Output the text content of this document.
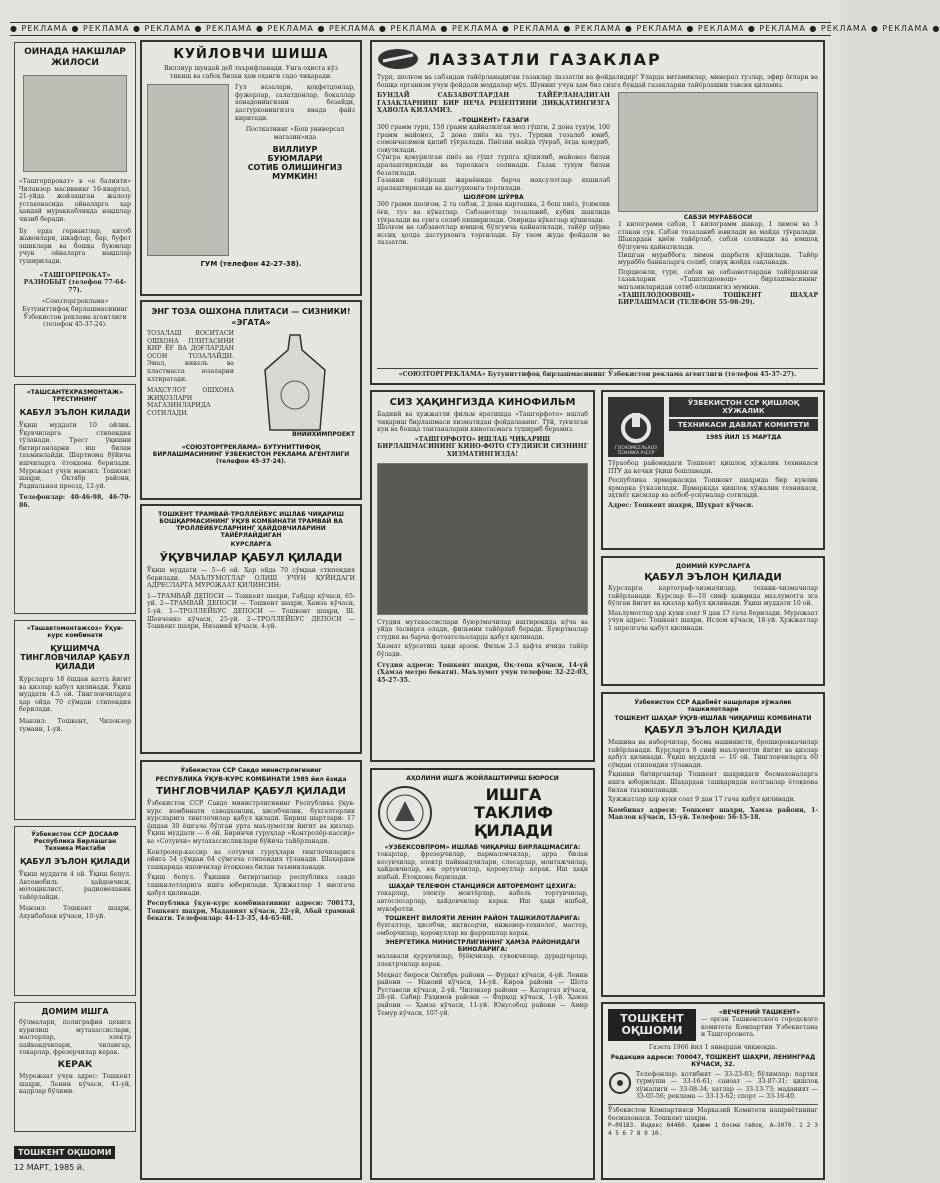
● РЕКЛАМА ● РЕКЛАМА ● РЕКЛАМА ● РЕКЛАМА ● РЕКЛАМА ● РЕКЛАМА ● РЕКЛАМА ● РЕКЛАМА ● РЕКЛАМА ● РЕКЛАМА ● РЕКЛАМА ● РЕКЛАМА ● РЕКЛАМА ● РЕКЛАМА ● РЕКЛАМА ●
ОИНАДА НАКШЛАР ЖИЛОСИ
«Ташгорпрокат» в «е балияти» Чиланзор масивнинг 16-квартал, 21-уйда жойлашган жалозу устахонасида ойналарга ҳар ҳандай мураккабликда нақшлар чизиб беради.
Бу ерда гервантлар, китоб жавонлари, шкафлар, бар, буфет эшиклари ва бошқа буюмлар учун ойналарга нақшлар туширилади.
«ТАШГОРПРОКАТ» РАЗНОБЫТ (телефон 77-64-77).
«Союзторгреклама» Бутуниттифоқ бирлашмасининг Ўзбекистон реклама агентлиги (телефон 45-37-24).
«ТАШСАНТЕХРАЗМОНТАЖ» ТРЕСТИНИНГ
КАБУЛ ЭЪЛОН КИЛАДИ
Ўқиш муддати 10 ойлик. Ўқувчиларга стипендия тўланади. Трест ўқишни битирганларни иш билан таъминлайди. Шартнома бўйича ишчиларга ётоқхона берилади. Мурожаат учун манзил: Тошкент шаҳри, Октябр райони, Радиальная проезд, 12-уй.
Телефонлар: 40-46-98, 46-70-86.
«Ташавтомонтажсоз» Ўқув-курс комбинати
ҚУШИМЧА ТИНГЛОВЧИЛАР ҚАБУЛ ҚИЛАДИ
Курсларга 18 ёшдан катта йигит ва қизлар қабул қилинади. Ўқиш муддати 4.5 ой. Тингловчиларга ҳар ойда 70 сўмдан стипендия берилади.
Манзил: Тошкент, Чилонзор тумани, 1-уй.
Ўзбекистон ССР ДОСААФ Республика Бирлашган Техника Мактаби
ҚАБУЛ ЭЪЛОН ҚИЛАДИ
Ўқиш муддати 4 ой. Ўқиш бепул. Автомобиль ҳайдовчиси, мотоциклист, радиомеханик тайёрлайди.
Манзил: Тошкент шаҳри, Ахунбабаев кўчаси, 10-уй.
ДОМИМ ИШГА
бўлмалари, полиграфия цехига курилиш мутахассислари, мастерлар, электр пайвандчилари, чилангар, токарлар, фрезерчилар керак.
КЕРАК
Мурожаат учун адрес: Тошкент шаҳри, Ленин кўчаси, 41-уй, кадрлар бўлими.
ТОШКЕНТ ОҚШОМИ
12 МАРТ, 1985 й.
КУЙЛОВЧИ ШИША
Виллиур шундай деб таърифланади. Унга оҳиста кўз тикиш ва сабоҳ билан ҳам оҳанги садо чиқаради.
Гул вазалари, қоҳфетдонлар, фужерлар, салатдонлар, бокаллар хонадонингизни безайди, дастурхонингизга янада файз киритади.
Посткатнинг «Бош универсал магазин»ида
ВИЛЛИУР
БУЮМЛАРИ
СОТИБ ОЛИШИНГИЗ
МУМКИН!
ГУМ (телефон 42-27-38).
ЭНГ ТОЗА ОШХОНА ПЛИТАСИ — СИЗНИКИ!
«ЭГАТА»
ТОЗАЛАШ ВОСИТАСИ ОШХОНА ПЛИТАСИНИ КИР ЁҒ ВА ДОҒЛАРДАН ОСОН ТОЗАЛАЙДИ. Эмал, никель ва пластмасса юзаларни ялтиратади.
МАҲСУЛОТ ОШХОНА ЖИҲОЗЛАРИ МАГАЗИНЛАРИДА СОТИЛАДИ.
ВНИИХИМПРОЕКТ
«СОЮЗТОРГРЕКЛАМА» БУТУНИТТИФОҚ БИРЛАШМАСИНИНГ ЎЗБЕКИСТОН РЕКЛАМА АГЕНТЛИГИ (телефон 45-37-24).
ТОШКЕНТ ТРАМВАЙ-ТРОЛЛЕЙБУС ИШЛАБ ЧИҚАРИШ БОШҚАРМАСИНИНГ ЎҚУВ КОМБИНАТИ ТРАМВАЙ ВА ТРОЛЛЕЙБУСЛАРНИНГ ҲАЙДОВЧИЛАРИНИ ТАЙЁРЛАЙДИГАН
КУРСЛАРГА
ЎҚУВЧИЛАР ҚАБУЛ ҚИЛАДИ
Ўқиш муддати — 5—6 ой. Ҳар ойда 70 сўмдан стипендия берилади. МАЪЛУМОТЛАР ОЛИШ УЧУН ҚУЙИДАГИ АДРЕСЛАРГА МУРОЖААТ ҚИЛИНСИН:
1—ТРАМВАЙ ДЕПОСИ — Тошкент шаҳри, Габдар кўчаси, 65-уй. 2—ТРАМВАЙ ДЕПОСИ — Тошкент шаҳри, Хамза кўчаси, 1-уй. 1—ТРОЛЛЕЙБУС ДЕПОСИ — Тошкент шаҳри, Ш. Шевченко кўчаси, 25-уй. 2—ТРОЛЛЕЙБУС ДЕПОСИ — Тошкент шаҳри, Низамий кўчаси, 4-уй.
Ўзбекистон ССР Савдо министрлигининг
РЕСПУБЛИКА ЎҚУВ-КУРС КОМБИНАТИ 1985 йил ёзида
ТИНГЛОВЧИЛАР ҚАБУЛ ҚИЛАДИ
Ўзбекистон ССР Савдо министрлигининг Республика ўқув-курс комбинати саводхонлик, ҳисобчилик, бухгалтерлик курсларига тинглочилар қабул қилади. Бириш шартлари: 17 ёшдан 30 ёшгача бўлган урта маълумотли йигит ва қизлар. Ўқиш муддати — 6 ой. Биринчи гуруҳлар «Контролёр-кассир» ва «Сотувчи» мутахассисликлари бўйича тайёрланади.
Контролер-кассир ва сотувчи гуруҳлари тинглочиларига ойига 54 сўмдан 64 сўмгача стипендия тўланади. Шаҳардан ташқарида яшовчилар ётоқхона билан таъминланади.
Ўқиш бепул. Ўқишни битирганлар республика савдо ташкилотларига ишга юборилади. Ҳужжатлар 1 июлгача қабул қилинади.
Республика ўқув-курс комбинатининг адреси: 700173, Тошкент шаҳри, Маданият кўчаси, 22-уй, Абай трамвай бекати. Телефонлар: 44-13-35, 44-65-68.
ЛАЗЗАТЛИ ГАЗАКЛАР
Турп, шолғом ва сабзидан тайёрланадиган газаклар лаззатли ва фойдалидир! Уларда витаминлар, минерал тузлар, эфир ёғлари ва бошқа организм учун фойдали моддалар мўл. Шунинг учун ҳам биз сизга бундай газакларни тайёрлашни тавсия қиламиз.
БУНДАЙ САБЗАВОТЛАРДАН ТАЙЁРЛАНАДИГАН ГАЗАКЛАРНИНГ БИР НЕЧА РЕЦЕПТИНИ ДИҚҚАТИНГИЗГА ҲАВОЛА ҚИЛАМИЗ.
«ТОШКЕНТ» ГАЗАГИ
300 грамм турп, 150 грамм қайнатилган мол гўшти, 2 дона тухум, 100 грамм майонез, 2 дона пиёз ва туз. Турпни тозалаб ювиб, сомончасимон қилиб тўғралади. Пиёзни майда тўғраб, ёғда қовуриб, совутилади.
Сўнгра қовурилган пиёз ва гўшт турпга қўшилиб, майонез билан аралаштирилади ва тарелкага солинади. Газак тухум билан безатилади.
Газакни тайёрлаш жараёнида барча маҳсулотлар яхшилаб аралаштирилади ва дастурхонга тортилади.
ШОЛҒОМ ШЎРВА
300 грамм шолғом, 2 та сабзи, 2 дона картошка, 2 бош пиёз, ўсимлик ёғи, туз ва кўкатлар. Сабзавотлар тозаланиб, кубик шаклида тўғралади ва сувга солиб пиширилади. Охирида кўкатлар қўшилади.
Шолғом ва сабзавотлар юмшоқ бўлгунча қайнатилади, тайёр шўрва иссиқ ҳолда дастурхонга тортилади. Бу таом жуда фойдали ва лаззатли.
САБЗИ МУРАББОСИ
1 килограмм сабзи, 1 килограмм шакар, 1 лимон ва 3 стакан сув. Сабзи тозаланиб ювилади ва майда тўғралади. Шакардан қиём тайёрлаб, сабзи солинади ва юмшоқ бўлгунча қайнатилади.
Пишган мураббога лимон шарбати қўшилади. Тайёр мураббо банкаларга солиб, совуқ жойда сақланади.
Порционли, турп, сабзи ва сабзавотлардан тайёрланган газакларни «Ташплодоовощ» бирлашмасининг магазинларидан сотиб олишингиз мумкин.
«ТАШПЛОДООВОЩ» ТОШКЕНТ ШАҲАР БИРЛАШМАСИ (ТЕЛЕФОН 55-98-29).
«СОЮЗТОРГРЕКЛАМА» Бутуниттифоқ бирлашмасининг Ўзбекистон реклама агентлиги (телефон 45-37-27).
СИЗ ҲАҚИНГИЗДА КИНОФИЛЬМ
Бадиий ва ҳужжатли фильм яратишда «Ташгорфото» ишлаб чиқариш бирлашмаси хизматидан фойдаланинг. Тўй, туғилган кун ва бошқа тантаналарни кинотасмага тушириб берамиз.
«ТАШГОРФОТО» ИШЛАБ ЧИҚАРИШ БИРЛАШМАСИНИНГ КИНО-ФОТО СТУДИЯСИ СИЗНИНГ ХИЗМАТИНГИЗДА!
Студия мутахассислари буюртмачилар иштирокида кўча ва уйда тасвирга олади, фильмни тайёрлаб беради. Буюртмалар студия ва барча фотоательеларда қабул қилинади.
Хизмат кўрсатиш ҳақи арзон. Фильм 2-3 ҳафта ичида тайёр бўлади.
Студия адреси: Тошкент шаҳри, Оқ-тепа кўчаси, 14-уй (Ҳамза метро бекати). Маълумот учун телефон: 32-22-03, 45-27-35.
ГОСКОМСЕЛЬХОЗ ТЕХНИКА УзССР
ЎЗБЕКИСТОН ССР ҚИШЛОҚ ХЎЖАЛИК
ТЕХНИКАСИ ДАВЛАТ КОМИТЕТИ
1985 ЙИЛ 15 МАРТДА
Тўраобод районидаги Тошкент қишлоқ хўжалик техникаси ПТУ да кечки ўқиш бошланади.
Республика ярмаркасида Тошкент шаҳрида бир кунлик ярмарка ўтказилади. Ярмаркада қишлоқ хўжалик техникаси, эҳтиёт қисмлар ва асбоб-ускуналар сотилади.
Адрес: Тошкент шаҳри, Шуҳрат кўчаси.
ДОИМИЙ КУРСЛАРГА
ҚАБУЛ ЭЪЛОН ҚИЛАДИ
Курсларга картограф-чизмачилар, техник-чизмачилар тайёрланади. Курслар 8—10 синф ҳажмида маълумотга эга бўлган йигит ва қизлар қабул қилинади. Ўқиш муддати 10 ой.
Маълумотлар ҳар куни соат 9 дан 17 гача берилади. Мурожаат учун адрес: Тошкент шаҳри, Ислом кўчаси, 18-уй. Ҳужжатлар 1 апрелгача қабул қилинади.
Ўзбекистон ССР Адабиёт нашрлари хўжалик ташкилотлари
ТОШКЕНТ ШАҲАР ЎҚУВ-ИШЛАБ ЧИҚАРИШ КОМБИНАТИ
ҚАБУЛ ЭЪЛОН ҚИЛАДИ
Машина ва наборчилар, босма машинисти, брошюровкачилар тайёрланади. Курсларга 8 синф маълумотли йигит ва қизлар қабул қилинади. Ўқиш муддати — 10 ой. Тингловчиларга 60 сўмдан стипендия тўланади.
Ўқишни битирганлар Тошкент шаҳридаги босмахоналарга ишга юборилади. Шаҳардан ташқаридан келганлар ётоқхона билан таъминланади.
Ҳужжатлар ҳар куни соат 9 дан 17 гача қабул қилинади.
Комбинат адреси: Тошкент шаҳри, Хамза райони, 1-Мавлон кўчаси, 15-уй. Телефон: 56-15-18.
АҲОЛИНИ ИШГА ЖОЙЛАШТИРИШ БЮРОСИ
ИШГА
ТАКЛИФ
ҚИЛАДИ
«УЗБЕКСОВПРОМ» ИШЛАБ ЧИҚАРИШ БИРЛАШМАСИГА:
токарлар, фрезерчилар, пармаловчилар, арра билан кесувчилар, электр пайвандчилари, слесарлар, монтажчилар, ҳайдовчилар, юк ортувчилар, қоровуллар керак. Иш ҳақи ишбай. Ётоқхона берилади.
ШАҲАР ТЕЛЕФОН СТАНЦИЯСИ АВТОРЕМОНТ ЦЕХИГА:
токарлар, электр монтёрлар, кабель тортувчилар, автослесарлар, ҳайдовчилар керак. Иш ҳақи ишбай, мукофотли.
ТОШКЕНТ ВИЛОЯТИ ЛЕНИН РАЙОН ТАШКИЛОТЛАРИГА:
бухгалтер, ҳисобчи, иқтисодчи, инженер-технолог, мастер, омборчилар, қоровуллар ва фаррошлар керак.
ЭНЕРГЕТИКА МИНИСТРЛИГИНИНГ ҲАМЗА РАЙОНИДАГИ БИНОЛАРИГА:
малакали қурувчилар, бўёқчилар, сувоқчилар, дурадгорлар, электрчилар керак.
Меҳнат бюроси Октябрь райони — Фурқат кўчаси, 4-уй. Ленин райони — Навоий кўчаси, 14-уй. Киров райони — Шота Руставели кўчаси, 2-уй. Чилонзор райони — Катартал кўчаси, 28-уй. Сабир Раҳимов райони — Фарҳод кўчаси, 1-уй. Ҳамза райони — Ҳамза кўчаси, 11-уй. Юнусобод райони — Амир Темур кўчаси, 107-уй.	ТОШКЕНТ ОҚШОМИ
«ВЕЧЕРНИЙ ТАШКЕНТ»
— орган Ташкентского городского комитета Компартии Узбекистана и Ташгорсовета.
Газета 1966 йил 1 январдан чиқмоқда.
Редакция адреси: 700047, ТОШКЕНТ ШАҲРИ, ЛЕНИНГРАД КЎЧАСИ, 32.
Телефонлар: котибият — 33-23-83; бўлимлар: партия турмуши — 33-16-61; саноат — 33-07-31; қишлоқ хўжалиги — 33-08-34; хатлар — 33-13-73; маданият — 33-05-56; реклама — 33-13-62; спорт — 33-16-40.
Ўзбекистон Компартияси Марказий Комитети нашриётининг босмахонаси. Тошкент шаҳри.
Р—09183. Индекс 64460. Ҳажми 1 босма табоқ. А—3070. 1 2 3 4 5 6 7 8 9 10.
